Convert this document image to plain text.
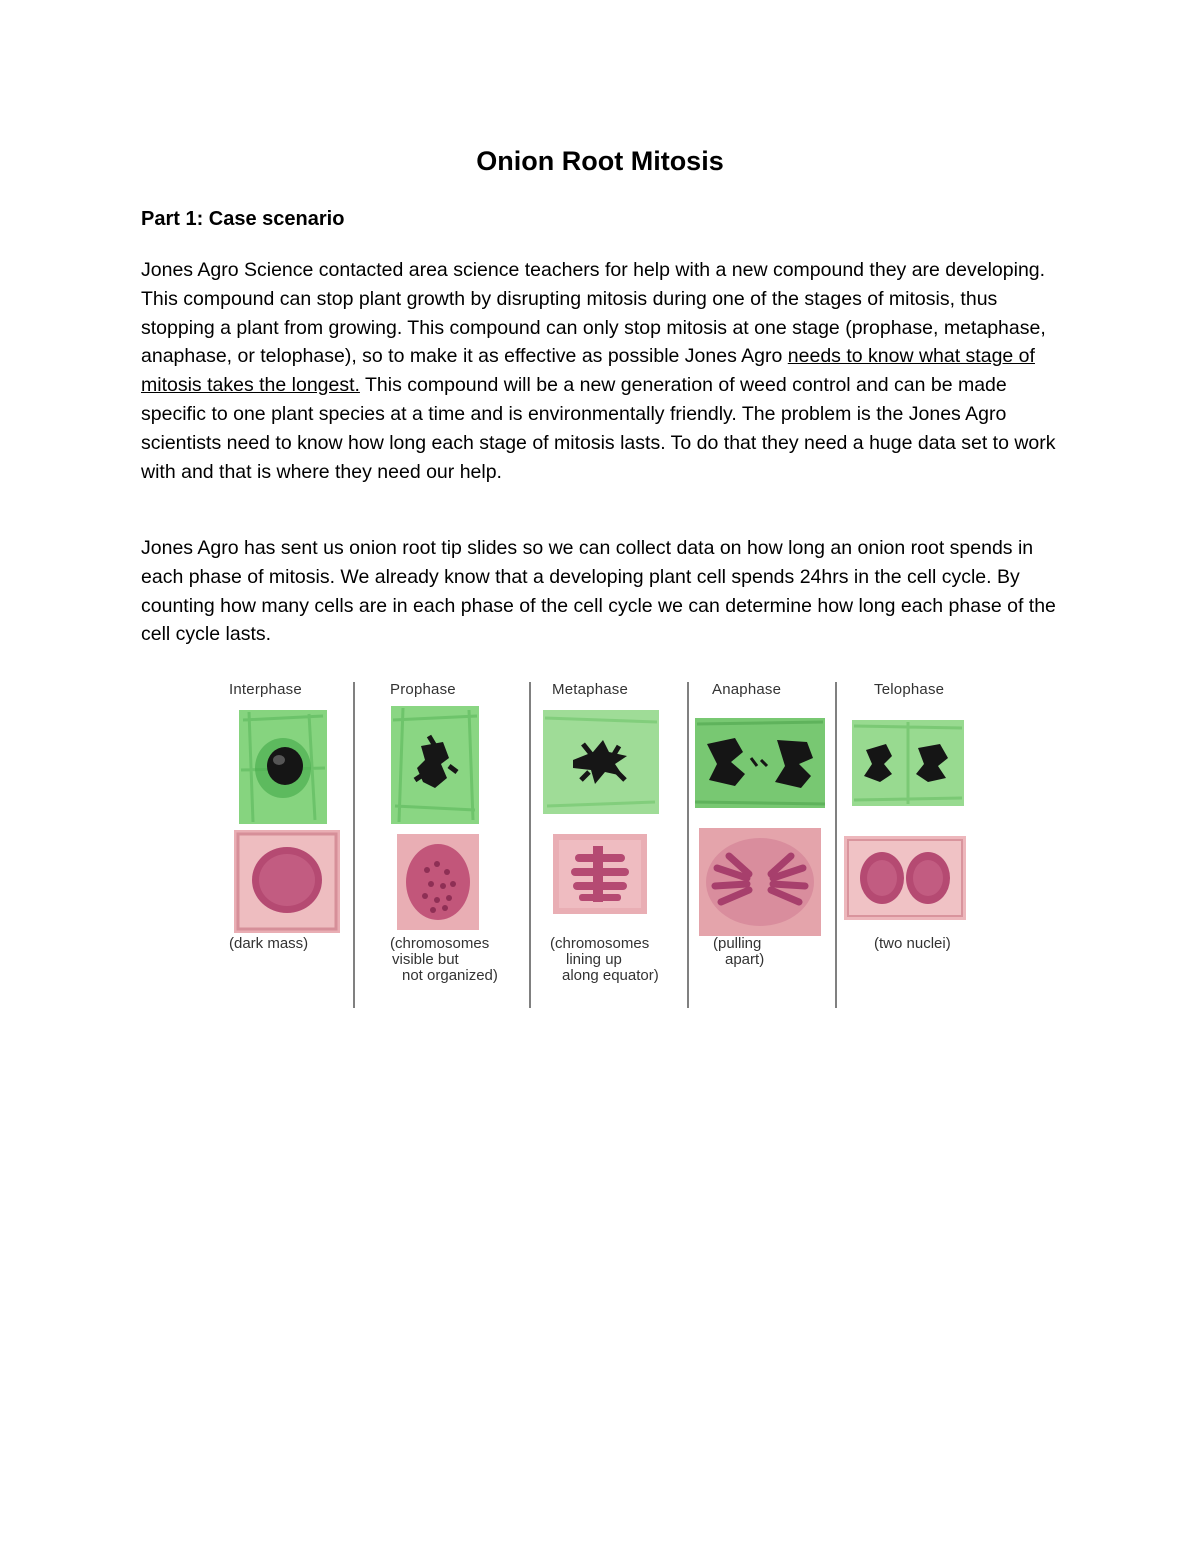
Onion Root Mitosis
Part 1: Case scenario

Jones Agro Science contacted area science teachers for help with a new compound they are developing. This compound can stop plant growth by disrupting mitosis during one of the stages of mitosis, thus stopping a plant from growing. This compound can only stop mitosis at one stage (prophase, metaphase, anaphase, or telophase), so to make it as effective as possible Jones Agro needs to know what stage of mitosis takes the longest. This compound will be a new generation of weed control and can be made specific to one plant species at a time and is environmentally friendly. The problem is the Jones Agro scientists need to know how long each stage of mitosis lasts. To do that they need a huge data set to work with and that is where they need our help.

Jones Agro has sent us onion root tip slides so we can collect data on how long an onion root spends in each phase of mitosis. We already know that a developing plant cell spends 24hrs in the cell cycle. By counting how many cells are in each phase of the cell cycle we can determine how long each phase of the cell cycle lasts.

Interphase
(dark mass)
Prophase
(chromosomes
visible but
not organized)
Metaphase
(chromosomes
lining up
along equator)
Anaphase
(pulling
apart)
Telophase
(two nuclei)
